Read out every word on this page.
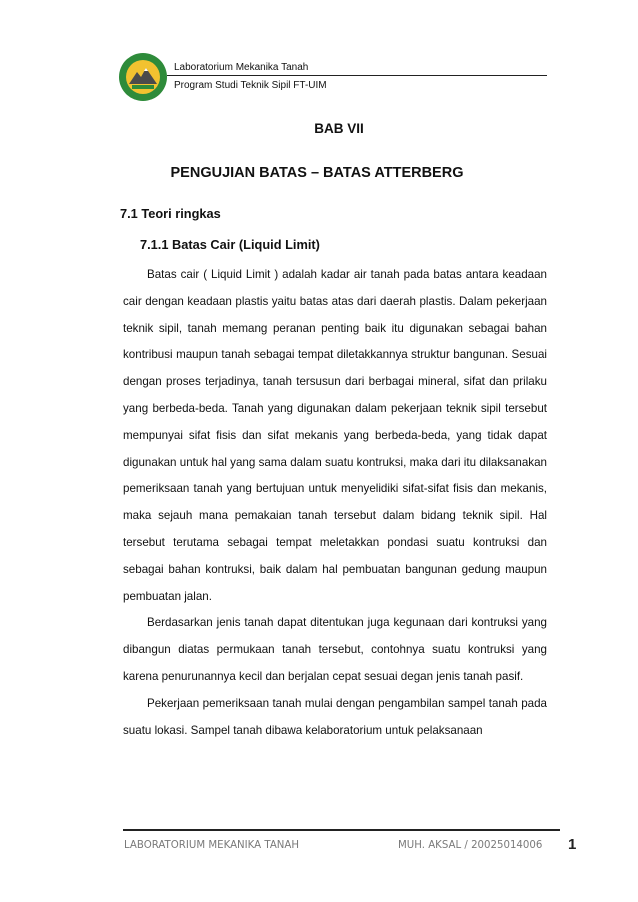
Laboratorium Mekanika Tanah
Program Studi Teknik Sipil FT-UIM
BAB VII
PENGUJIAN BATAS – BATAS ATTERBERG
7.1 Teori ringkas
7.1.1 Batas Cair (Liquid Limit)

Batas cair ( Liquid Limit ) adalah kadar air tanah pada batas antara keadaan cair dengan keadaan plastis yaitu batas atas dari daerah plastis. Dalam pekerjaan teknik sipil, tanah memang peranan penting baik itu digunakan sebagai bahan kontribusi maupun tanah sebagai tempat diletakkannya struktur bangunan. Sesuai dengan proses terjadinya, tanah tersusun dari berbagai mineral, sifat dan prilaku yang berbeda-beda. Tanah yang digunakan dalam pekerjaan teknik sipil tersebut mempunyai sifat fisis dan sifat mekanis yang berbeda-beda, yang tidak dapat digunakan untuk hal yang sama dalam suatu kontruksi, maka dari itu dilaksanakan pemeriksaan tanah yang bertujuan untuk menyelidiki sifat-sifat fisis dan mekanis, maka sejauh mana pemakaian tanah tersebut dalam bidang teknik sipil. Hal tersebut terutama sebagai tempat meletakkan pondasi suatu kontruksi dan sebagai bahan kontruksi, baik dalam hal pembuatan bangunan gedung maupun pembuatan jalan.

Berdasarkan jenis tanah dapat ditentukan juga kegunaan dari kontruksi yang dibangun diatas permukaan tanah tersebut, contohnya suatu kontruksi yang karena penurunannya kecil dan berjalan cepat sesuai degan jenis tanah pasif.

Pekerjaan pemeriksaan tanah mulai dengan pengambilan sampel tanah pada suatu lokasi. Sampel tanah dibawa kelaboratorium untuk pelaksanaan

LABORATORIUM MEKANIKA TANAH	MUH. AKSAL / 20025014006 1
